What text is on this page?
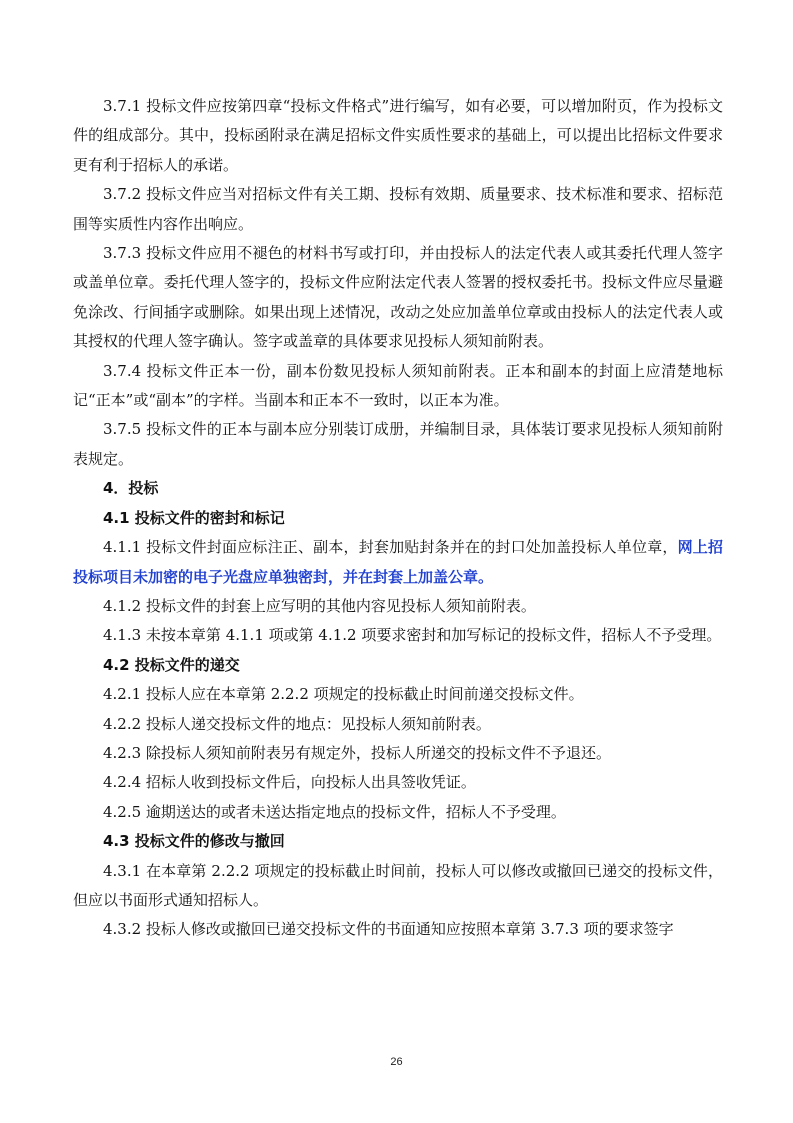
3.7.1 投标文件应按第四章“投标文件格式”进行编写，如有必要，可以增加附页，作为投标文件的组成部分。其中，投标函附录在满足招标文件实质性要求的基础上，可以提出比招标文件要求更有利于招标人的承诺。

3.7.2 投标文件应当对招标文件有关工期、投标有效期、质量要求、技术标准和要求、招标范围等实质性内容作出响应。

3.7.3 投标文件应用不褪色的材料书写或打印，并由投标人的法定代表人或其委托代理人签字或盖单位章。委托代理人签字的，投标文件应附法定代表人签署的授权委托书。投标文件应尽量避免涂改、行间插字或删除。如果出现上述情况，改动之处应加盖单位章或由投标人的法定代表人或其授权的代理人签字确认。签字或盖章的具体要求见投标人须知前附表。

3.7.4 投标文件正本一份，副本份数见投标人须知前附表。正本和副本的封面上应清楚地标记“正本”或“副本”的字样。当副本和正本不一致时，以正本为准。

3.7.5 投标文件的正本与副本应分别装订成册，并编制目录，具体装订要求见投标人须知前附表规定。

4．投标

4.1 投标文件的密封和标记

4.1.1 投标文件封面应标注正、副本，封套加贴封条并在的封口处加盖投标人单位章，网上招投标项目未加密的电子光盘应单独密封，并在封套上加盖公章。

4.1.2 投标文件的封套上应写明的其他内容见投标人须知前附表。

4.1.3 未按本章第 4.1.1 项或第 4.1.2 项要求密封和加写标记的投标文件，招标人不予受理。

4.2 投标文件的递交

4.2.1 投标人应在本章第 2.2.2 项规定的投标截止时间前递交投标文件。

4.2.2 投标人递交投标文件的地点：见投标人须知前附表。

4.2.3 除投标人须知前附表另有规定外，投标人所递交的投标文件不予退还。

4.2.4 招标人收到投标文件后，向投标人出具签收凭证。

4.2.5 逾期送达的或者未送达指定地点的投标文件，招标人不予受理。

4.3 投标文件的修改与撤回

4.3.1 在本章第 2.2.2 项规定的投标截止时间前，投标人可以修改或撤回已递交的投标文件，但应以书面形式通知招标人。

4.3.2 投标人修改或撤回已递交投标文件的书面通知应按照本章第 3.7.3 项的要求签字

26
